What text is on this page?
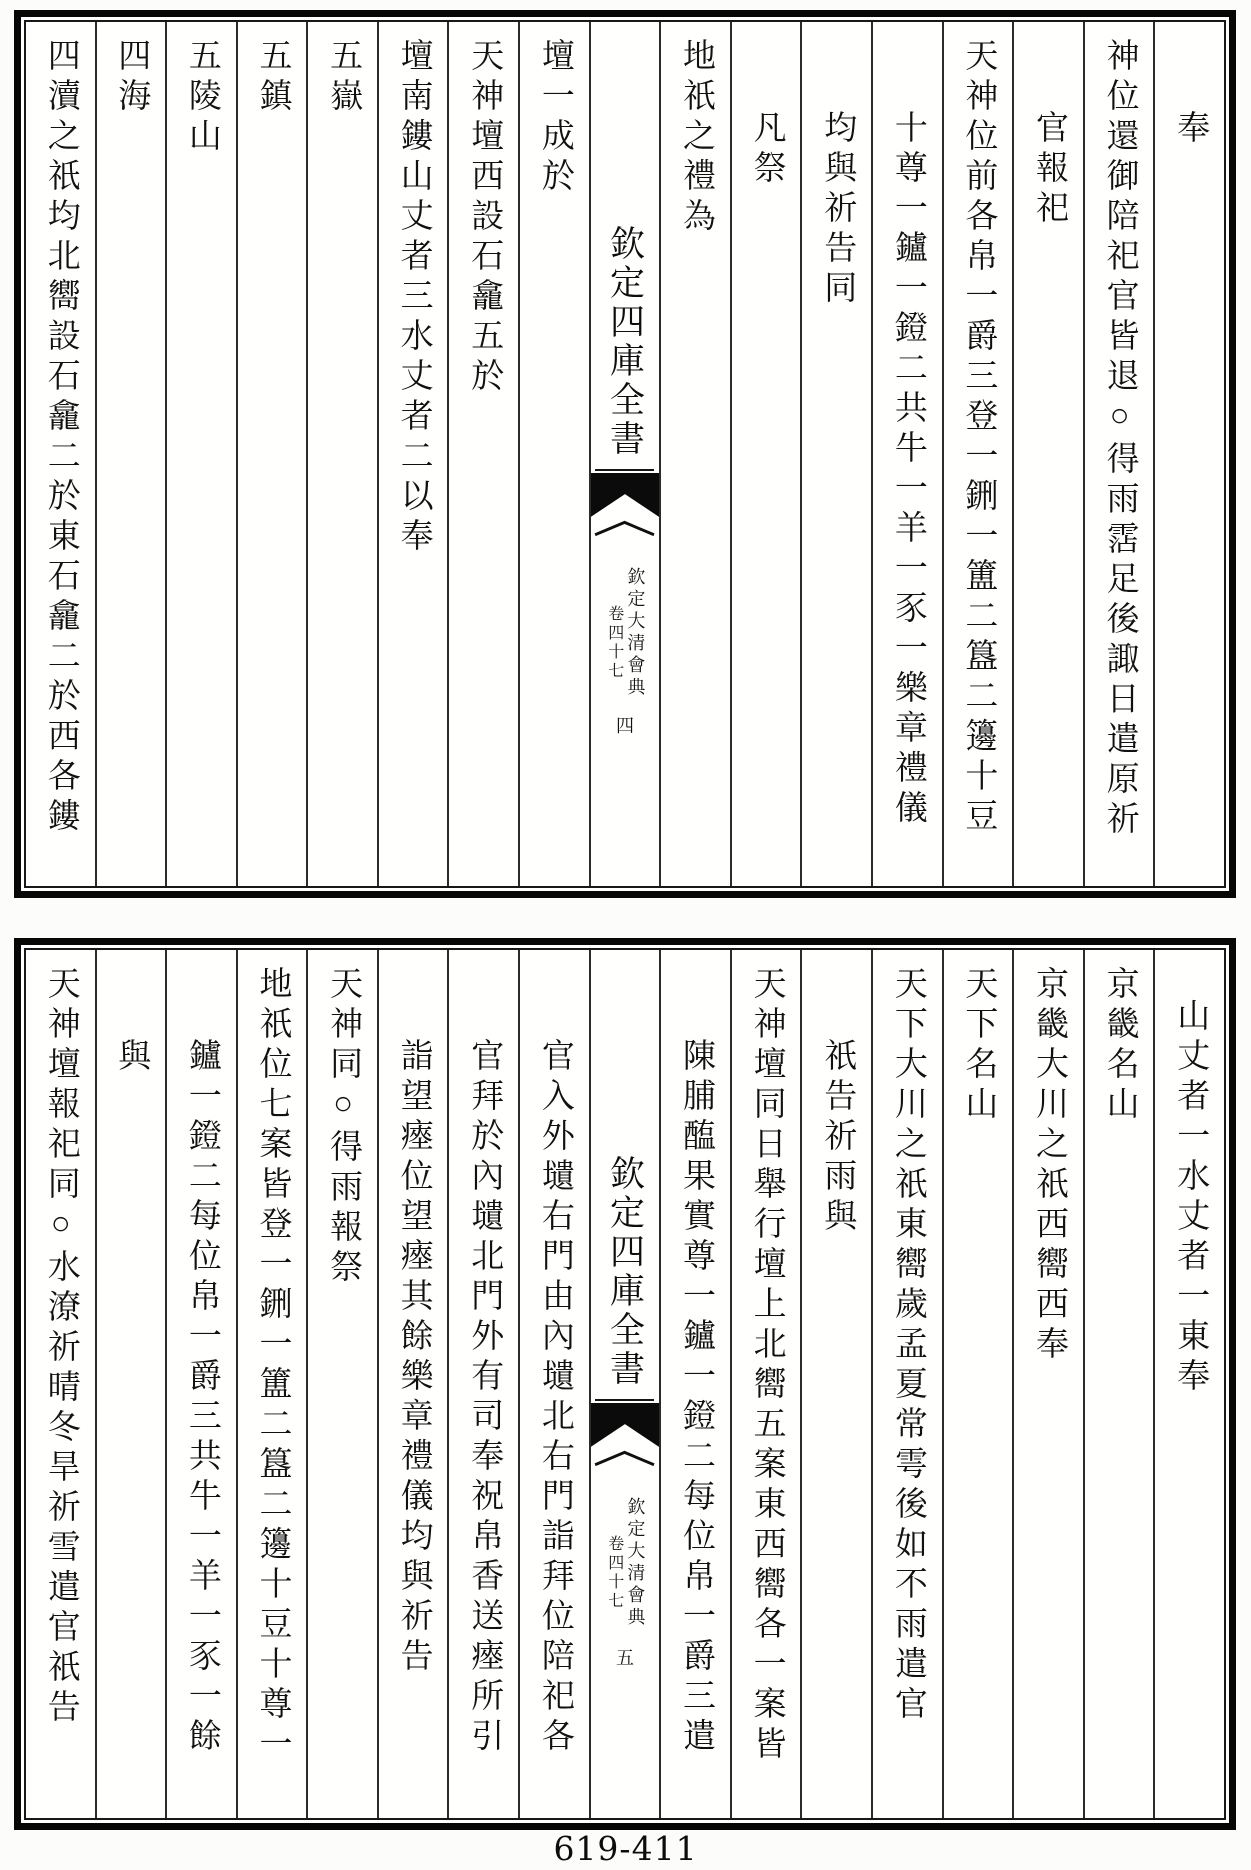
奉
神位還御陪祀官皆退○得雨霑足後諏日遣原祈
官報祀
天神位前各帛一爵三登一鉶一簠二簋二籩十豆
十尊一鑪一鐙二共牛一羊一豕一樂章禮儀
均與祈告同
凡祭
地祇之禮為
欽定四庫全書
欽定大清會典
卷四十七
四
壇一成於
天神壇西設石龕五於
壇南鏤山丈者三水丈者二以奉
五嶽
五鎮
五陵山
四海
四瀆之祇均北嚮設石龕二於東石龕二於西各鏤
山丈者一水丈者一東奉
京畿名山
京畿大川之祇西嚮西奉
天下名山
天下大川之祇東嚮歲孟夏常雩後如不雨遣官
祇告祈雨與
天神壇同日舉行壇上北嚮五案東西嚮各一案皆
陳脯醢果實尊一鑪一鐙二每位帛一爵三遣
欽定四庫全書
欽定大清會典
卷四十七
五
官入外壝右門由內壝北右門詣拜位陪祀各
官拜於內壝北門外有司奉祝帛香送瘞所引
詣望瘞位望瘞其餘樂章禮儀均與祈告
天神同○得雨報祭
地祇位七案皆登一鉶一簠二簋二籩十豆十尊一
鑪一鐙二每位帛一爵三共牛一羊一豕一餘
與
天神壇報祀同○水潦祈晴冬旱祈雪遣官祇告
619-411
